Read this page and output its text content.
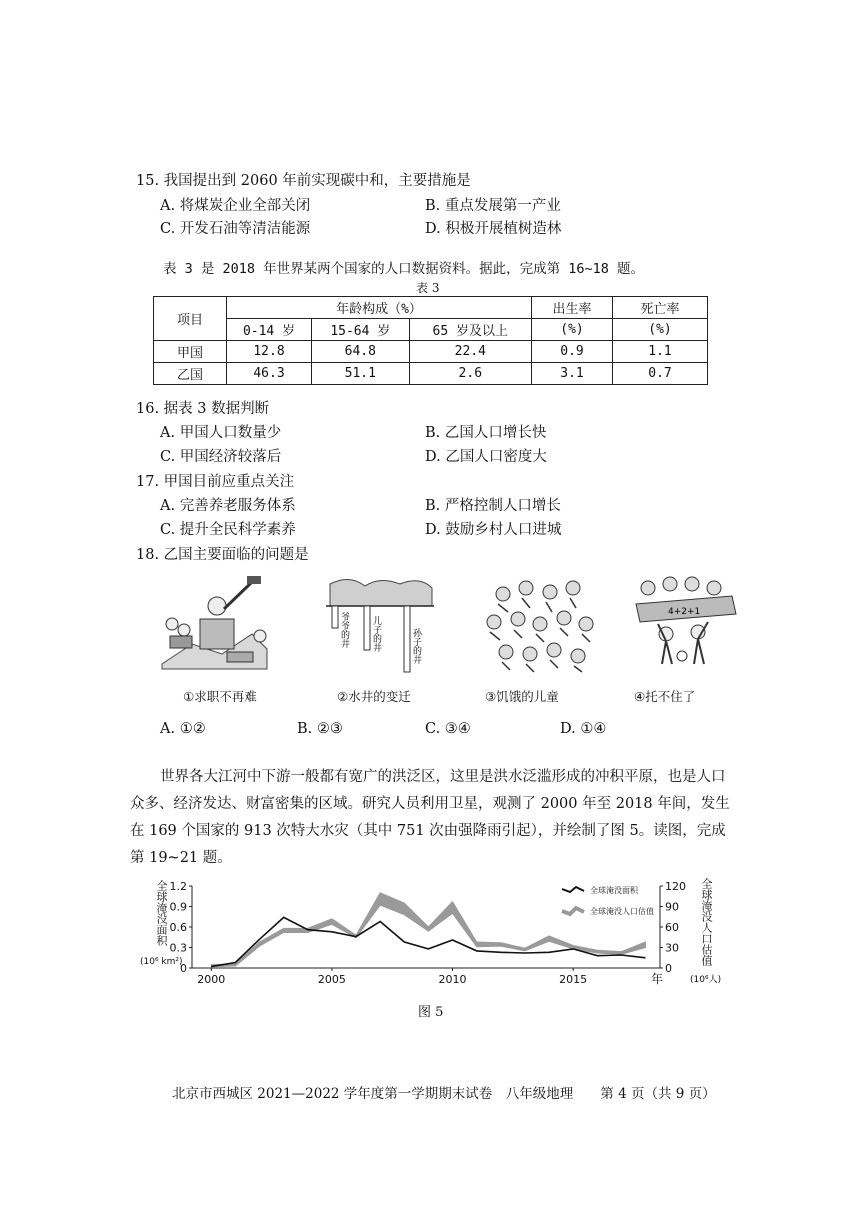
15. 我国提出到 2060 年前实现碳中和，主要措施是
A. 将煤炭企业全部关闭	B. 重点发展第一产业
C. 开发石油等清洁能源	D. 积极开展植树造林
表 3 是 2018 年世界某两个国家的人口数据资料。据此，完成第 16~18 题。
表 3
项目	年龄构成（%）			出生率	死亡率
	0-14 岁	15-64 岁	65 岁及以上	(%)	(%)
甲国	12.8	64.8	22.4	0.9	1.1
乙国	46.3	51.1	2.6	3.1	0.7
16. 据表 3 数据判断
A. 甲国人口数量少	B. 乙国人口增长快
C. 甲国经济较落后	D. 乙国人口密度大
17. 甲国目前应重点关注
A. 完善养老服务体系	B. 严格控制人口增长
C. 提升全民科学素养	D. 鼓励乡村人口进城
18. 乙国主要面临的问题是
爷爷的井 儿子的井	孙子的井
4+2+1
①求职不再难	②水井的变迁	③饥饿的儿童	④托不住了
A. ①②	B. ②③	C. ③④	D. ①④
世界各大江河中下游一般都有宽广的洪泛区，这里是洪水泛滥形成的冲积平原，也是人口众多、经济发达、财富密集的区域。研究人员利用卫星，观测了 2000 年至 2018 年间，发生在 169 个国家的 913 次特大水灾（其中 751 次由强降雨引起），并绘制了图 5。读图，完成第 19~21 题。
全球淹没面积
(10⁶ km²)	全球淹没人口估值
(10⁶人)
0
0.3
0.6
0.9
1.2
0
30
60
90
120
2000	2005	2010	2015	年
全球淹没面积
全球淹没人口估值
图 5
北京市西城区 2021—2022 学年度第一学期期末试卷　八年级地理　　第 4 页（共 9 页）
